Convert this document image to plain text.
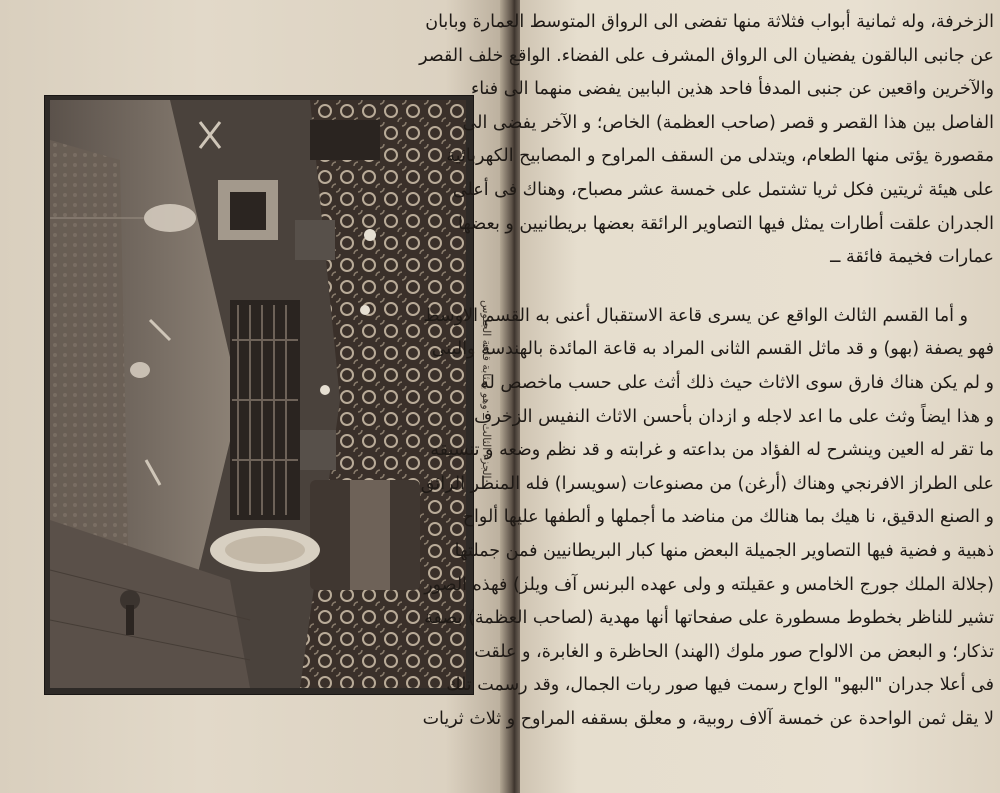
الجزء الثالث ــ وهو بمثابة قاعة الجلوس
الزخرفة، وله ثمانية أبواب فثلاثة منها تفضى الى الرواق المتوسط العمارة وبابان
عن جانبى البالقون يفضيان الى الرواق المشرف على الفضاء. الواقع خلف القصر
والآخرين واقعين عن جنبى المدفأ فاحد هذين البابين يفضى منهما الى فناء
الفاصل بين هذا القصر و قصر (صاحب العظمة) الخاص؛ و الآخر يفضى الى
مقصورة يؤتى منها الطعام، ويتدلى من السقف المراوح و المصابيح الكهربائية
على هيئة ثريتين فكل ثريا تشتمل على خمسة عشر مصباح، وهناك فى أعلى
الجدران علقت أطارات يمثل فيها التصاوير الرائقة بعضها بريطانيين و بعضها
عمارات فخيمة فائقة ــ
و أما القسم الثالث الواقع عن يسرى قاعة الاستقبال أعنى به القسم الاوسط
فهو يصفة (بهو) و قد ماثل القسم الثانى المراد به قاعة المائدة بالهندسة والبنى
و لم يكن هناك فارق سوى الاثاث حيث ذلك أثث على حسب ماخصص له
و هذا ايضاً وثث على ما اعد لاجله و ازدان بأحسن الاثاث النفيس الزخرف
ما تقر له العين وينشرح له الفؤاد من بداعته و غرابته و قد نظم وضعه و تنسيقه
على الطراز الافرنجي وهناك (أرغن) من مصنوعات (سويسرا) فله المنظر الرائق
و الصنع الدقيق، نا هيك بما هنالك من مناضد ما أجملها و ألطفها عليها ألواح
ذهبية و فضية فيها التصاوير الجميلة البعض منها كبار البريطانيين فمن جملتها
(جلالة الملك جورج الخامس و عقيلته و ولى عهده البرنس آف ويلز) فهذه الصور
تشير للناظر بخطوط مسطورة على صفحاتها أنها مهدية (لصاحب العظمة) بصفة
تذكار؛ و البعض من الالواح صور ملوك (الهند) الحاظرة و الغابرة، و علقت
فى أعلا جدران "البهو" الواح رسمت فيها صور ربات الجمال، وقد رسمت تلك
لا يقل ثمن الواحدة عن خمسة آلاف روبية، و معلق بسقفه المراوح و ثلاث ثريات
